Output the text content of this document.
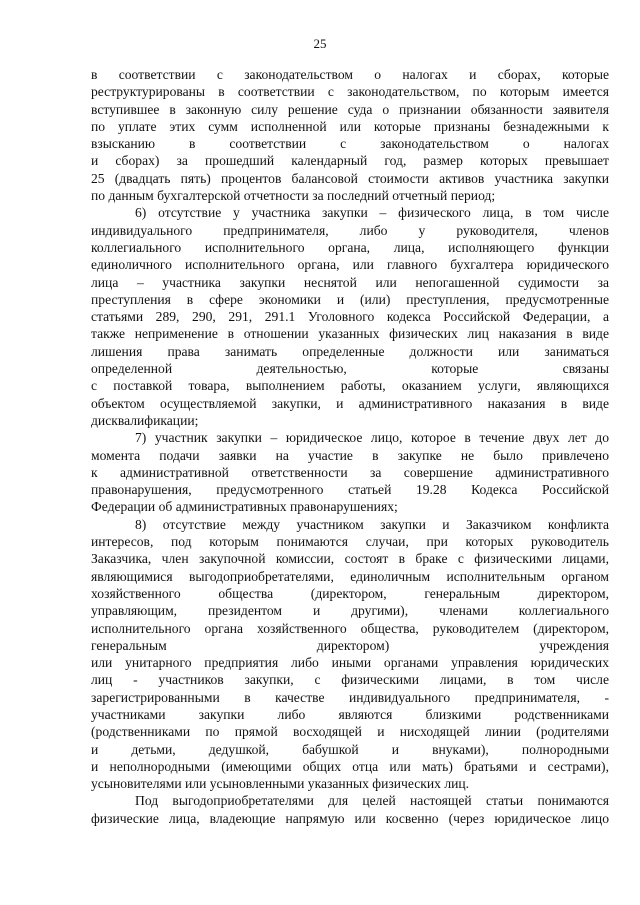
25
в соответствии с законодательством о налогах и сборах, которые
реструктурированы в соответствии с законодательством, по которым имеется
вступившее в законную силу решение суда о признании обязанности заявителя
по уплате этих сумм исполненной или которые признаны безнадежными к
взысканию в соответствии с законодательством о налогах
и сборах) за прошедший календарный год, размер которых превышает
25 (двадцать пять) процентов балансовой стоимости активов участника закупки
по данным бухгалтерской отчетности за последний отчетный период;
6) отсутствие у участника закупки – физического лица, в том числе
индивидуального предпринимателя, либо у руководителя, членов
коллегиального исполнительного органа, лица, исполняющего функции
единоличного исполнительного органа, или главного бухгалтера юридического
лица – участника закупки неснятой или непогашенной судимости за
преступления в сфере экономики и (или) преступления, предусмотренные
статьями 289, 290, 291, 291.1 Уголовного кодекса Российской Федерации, а
также неприменение в отношении указанных физических лиц наказания в виде
лишения права занимать определенные должности или заниматься
определенной деятельностью, которые связаны
с поставкой товара, выполнением работы, оказанием услуги, являющихся
объектом осуществляемой закупки, и административного наказания в виде
дисквалификации;
7) участник закупки – юридическое лицо, которое в течение двух лет до
момента подачи заявки на участие в закупке не было привлечено
к административной ответственности за совершение административного
правонарушения, предусмотренного статьей 19.28 Кодекса Российской
Федерации об административных правонарушениях;
8) отсутствие между участником закупки и Заказчиком конфликта
интересов, под которым понимаются случаи, при которых руководитель
Заказчика, член закупочной комиссии, состоят в браке с физическими лицами,
являющимися выгодоприобретателями, единоличным исполнительным органом
хозяйственного общества (директором, генеральным директором,
управляющим, президентом и другими), членами коллегиального
исполнительного органа хозяйственного общества, руководителем (директором,
генеральным директором) учреждения
или унитарного предприятия либо иными органами управления юридических
лиц - участников закупки, с физическими лицами, в том числе
зарегистрированными в качестве индивидуального предпринимателя, -
участниками закупки либо являются близкими родственниками
(родственниками по прямой восходящей и нисходящей линии (родителями
и детьми, дедушкой, бабушкой и внуками), полнородными
и неполнородными (имеющими общих отца или мать) братьями и сестрами),
усыновителями или усыновленными указанных физических лиц.
Под выгодоприобретателями для целей настоящей статьи понимаются
физические лица, владеющие напрямую или косвенно (через юридическое лицо
